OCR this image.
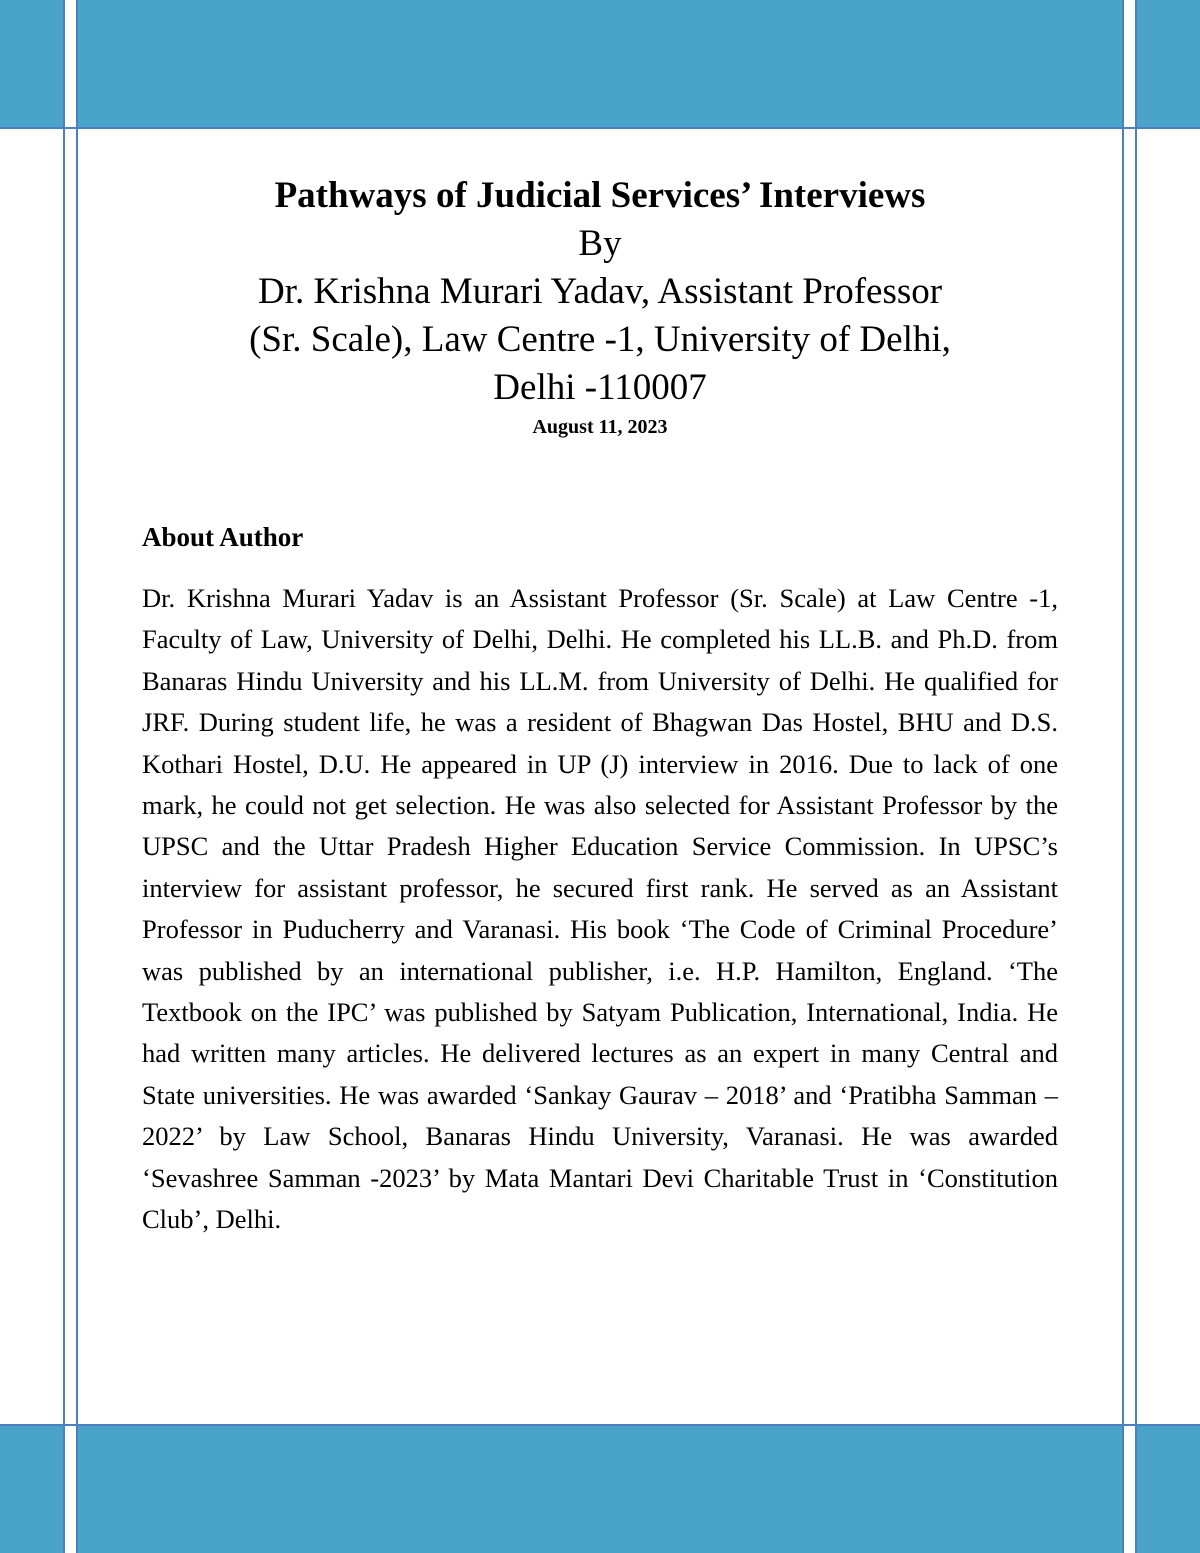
Pathways of Judicial Services’ Interviews
By
Dr. Krishna Murari Yadav, Assistant Professor
(Sr. Scale), Law Centre -1, University of Delhi,
Delhi -110007
August 11, 2023
About Author

Dr. Krishna Murari Yadav is an Assistant Professor (Sr. Scale) at Law Centre -1, Faculty of Law, University of Delhi, Delhi. He completed his LL.B. and Ph.D. from Banaras Hindu University and his LL.M. from University of Delhi. He qualified for JRF. During student life, he was a resident of Bhagwan Das Hostel, BHU and D.S. Kothari Hostel, D.U. He appeared in UP (J) interview in 2016. Due to lack of one mark, he could not get selection. He was also selected for Assistant Professor by the UPSC and the Uttar Pradesh Higher Education Service Commission. In UPSC’s interview for assistant professor, he secured first rank. He served as an Assistant Professor in Puducherry and Varanasi. His book ‘The Code of Criminal Procedure’ was published by an international publisher, i.e. H.P. Hamilton, England. ‘The Textbook on the IPC’ was published by Satyam Publication, International, India. He had written many articles. He delivered lectures as an expert in many Central and State universities. He was awarded ‘Sankay Gaurav – 2018’ and ‘Pratibha Samman – 2022’ by Law School, Banaras Hindu University, Varanasi. He was awarded ‘Sevashree Samman -2023’ by Mata Mantari Devi Charitable Trust in ‘Constitution Club’, Delhi.
